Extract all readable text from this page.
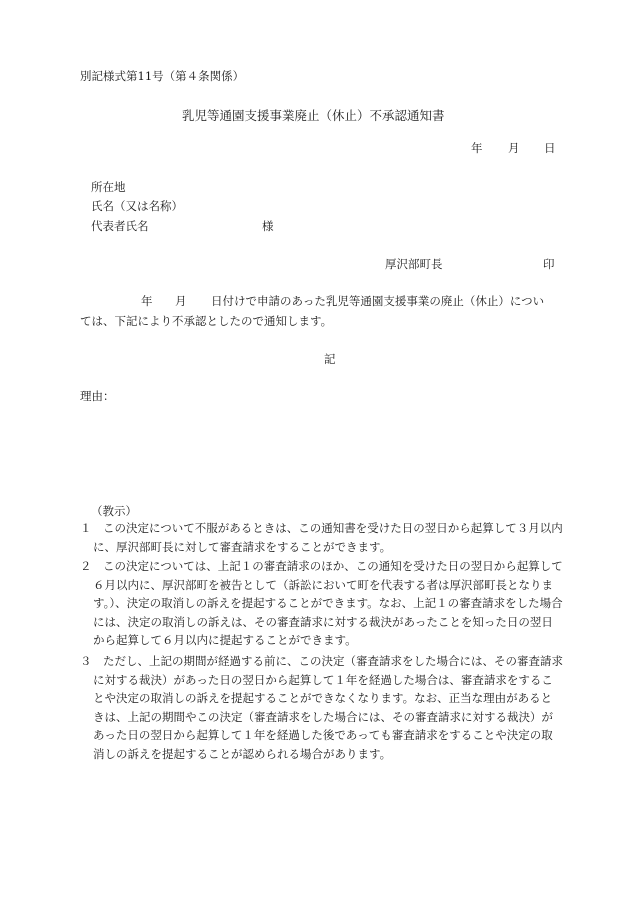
別記様式第11号（第４条関係）
乳児等通園支援事業廃止（休止）不承認通知書
年 月 日
所在地
氏名（又は名称）
代表者氏名	様
厚沢部町長	印
年 月 日付けで申請のあった乳児等通園支援事業の廃止（休止）につい
ては、下記により不承認としたので通知します。
記
理由：
（教示）
１　この決定について不服があるときは、この通知書を受けた日の翌日から起算して３月以内に、厚沢部町長に対して審査請求をすることができます。
２　この決定については、上記１の審査請求のほか、この通知を受けた日の翌日から起算して６月以内に、厚沢部町を被告として（訴訟において町を代表する者は厚沢部町長となります。）、決定の取消しの訴えを提起することができます。なお、上記１の審査請求をした場合には、決定の取消しの訴えは、その審査請求に対する裁決があったことを知った日の翌日から起算して６月以内に提起することができます。
３　ただし、上記の期間が経過する前に、この決定（審査請求をした場合には、その審査請求に対する裁決）があった日の翌日から起算して１年を経過した場合は、審査請求をすることや決定の取消しの訴えを提起することができなくなります。なお、正当な理由があるときは、上記の期間やこの決定（審査請求をした場合には、その審査請求に対する裁決）があった日の翌日から起算して１年を経過した後であっても審査請求をすることや決定の取消しの訴えを提起することが認められる場合があります。
